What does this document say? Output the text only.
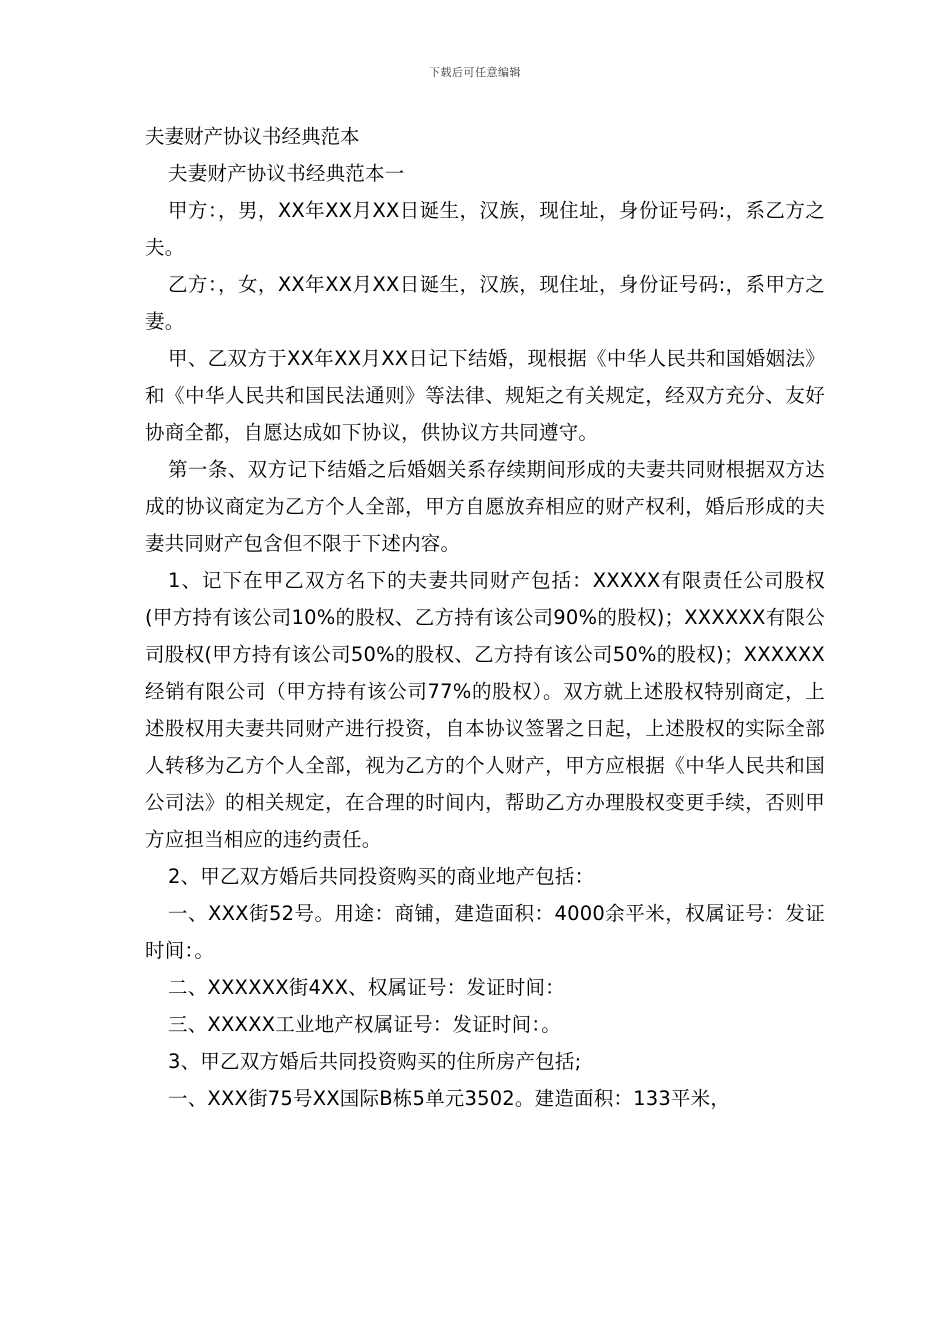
下载后可任意编辑
夫妻财产协议书经典范本

夫妻财产协议书经典范本一

甲方：，男，XX年XX月XX日诞生，汉族，现住址，身份证号码:，系乙方之夫。

乙方：，女，XX年XX月XX日诞生，汉族，现住址，身份证号码:，系甲方之妻。

甲、乙双方于XX年XX月XX日记下结婚，现根据《中华人民共和国婚姻法》和《中华人民共和国民法通则》等法律、规矩之有关规定，经双方充分、友好协商全都，自愿达成如下协议，供协议方共同遵守。

第一条、双方记下结婚之后婚姻关系存续期间形成的夫妻共同财根据双方达成的协议商定为乙方个人全部，甲方自愿放弃相应的财产权利，婚后形成的夫妻共同财产包含但不限于下述内容。

1、记下在甲乙双方名下的夫妻共同财产包括：XXXXX有限责任公司股权(甲方持有该公司10%的股权、乙方持有该公司90%的股权)；XXXXXX有限公司股权(甲方持有该公司50%的股权、乙方持有该公司50%的股权)；XXXXXX经销有限公司（甲方持有该公司77%的股权）。双方就上述股权特别商定，上述股权用夫妻共同财产进行投资，自本协议签署之日起，上述股权的实际全部人转移为乙方个人全部，视为乙方的个人财产，甲方应根据《中华人民共和国公司法》的相关规定，在合理的时间内，帮助乙方办理股权变更手续，否则甲方应担当相应的违约责任。

2、甲乙双方婚后共同投资购买的商业地产包括：

一、XXX街52号。用途：商铺，建造面积：4000余平米，权属证号：发证时间：。

二、XXXXXX街4XX、权属证号：发证时间：

三、XXXXX工业地产权属证号：发证时间：。

3、甲乙双方婚后共同投资购买的住所房产包括;

一、XXX街75号XX国际B栋5单元3502。建造面积：133平米，
